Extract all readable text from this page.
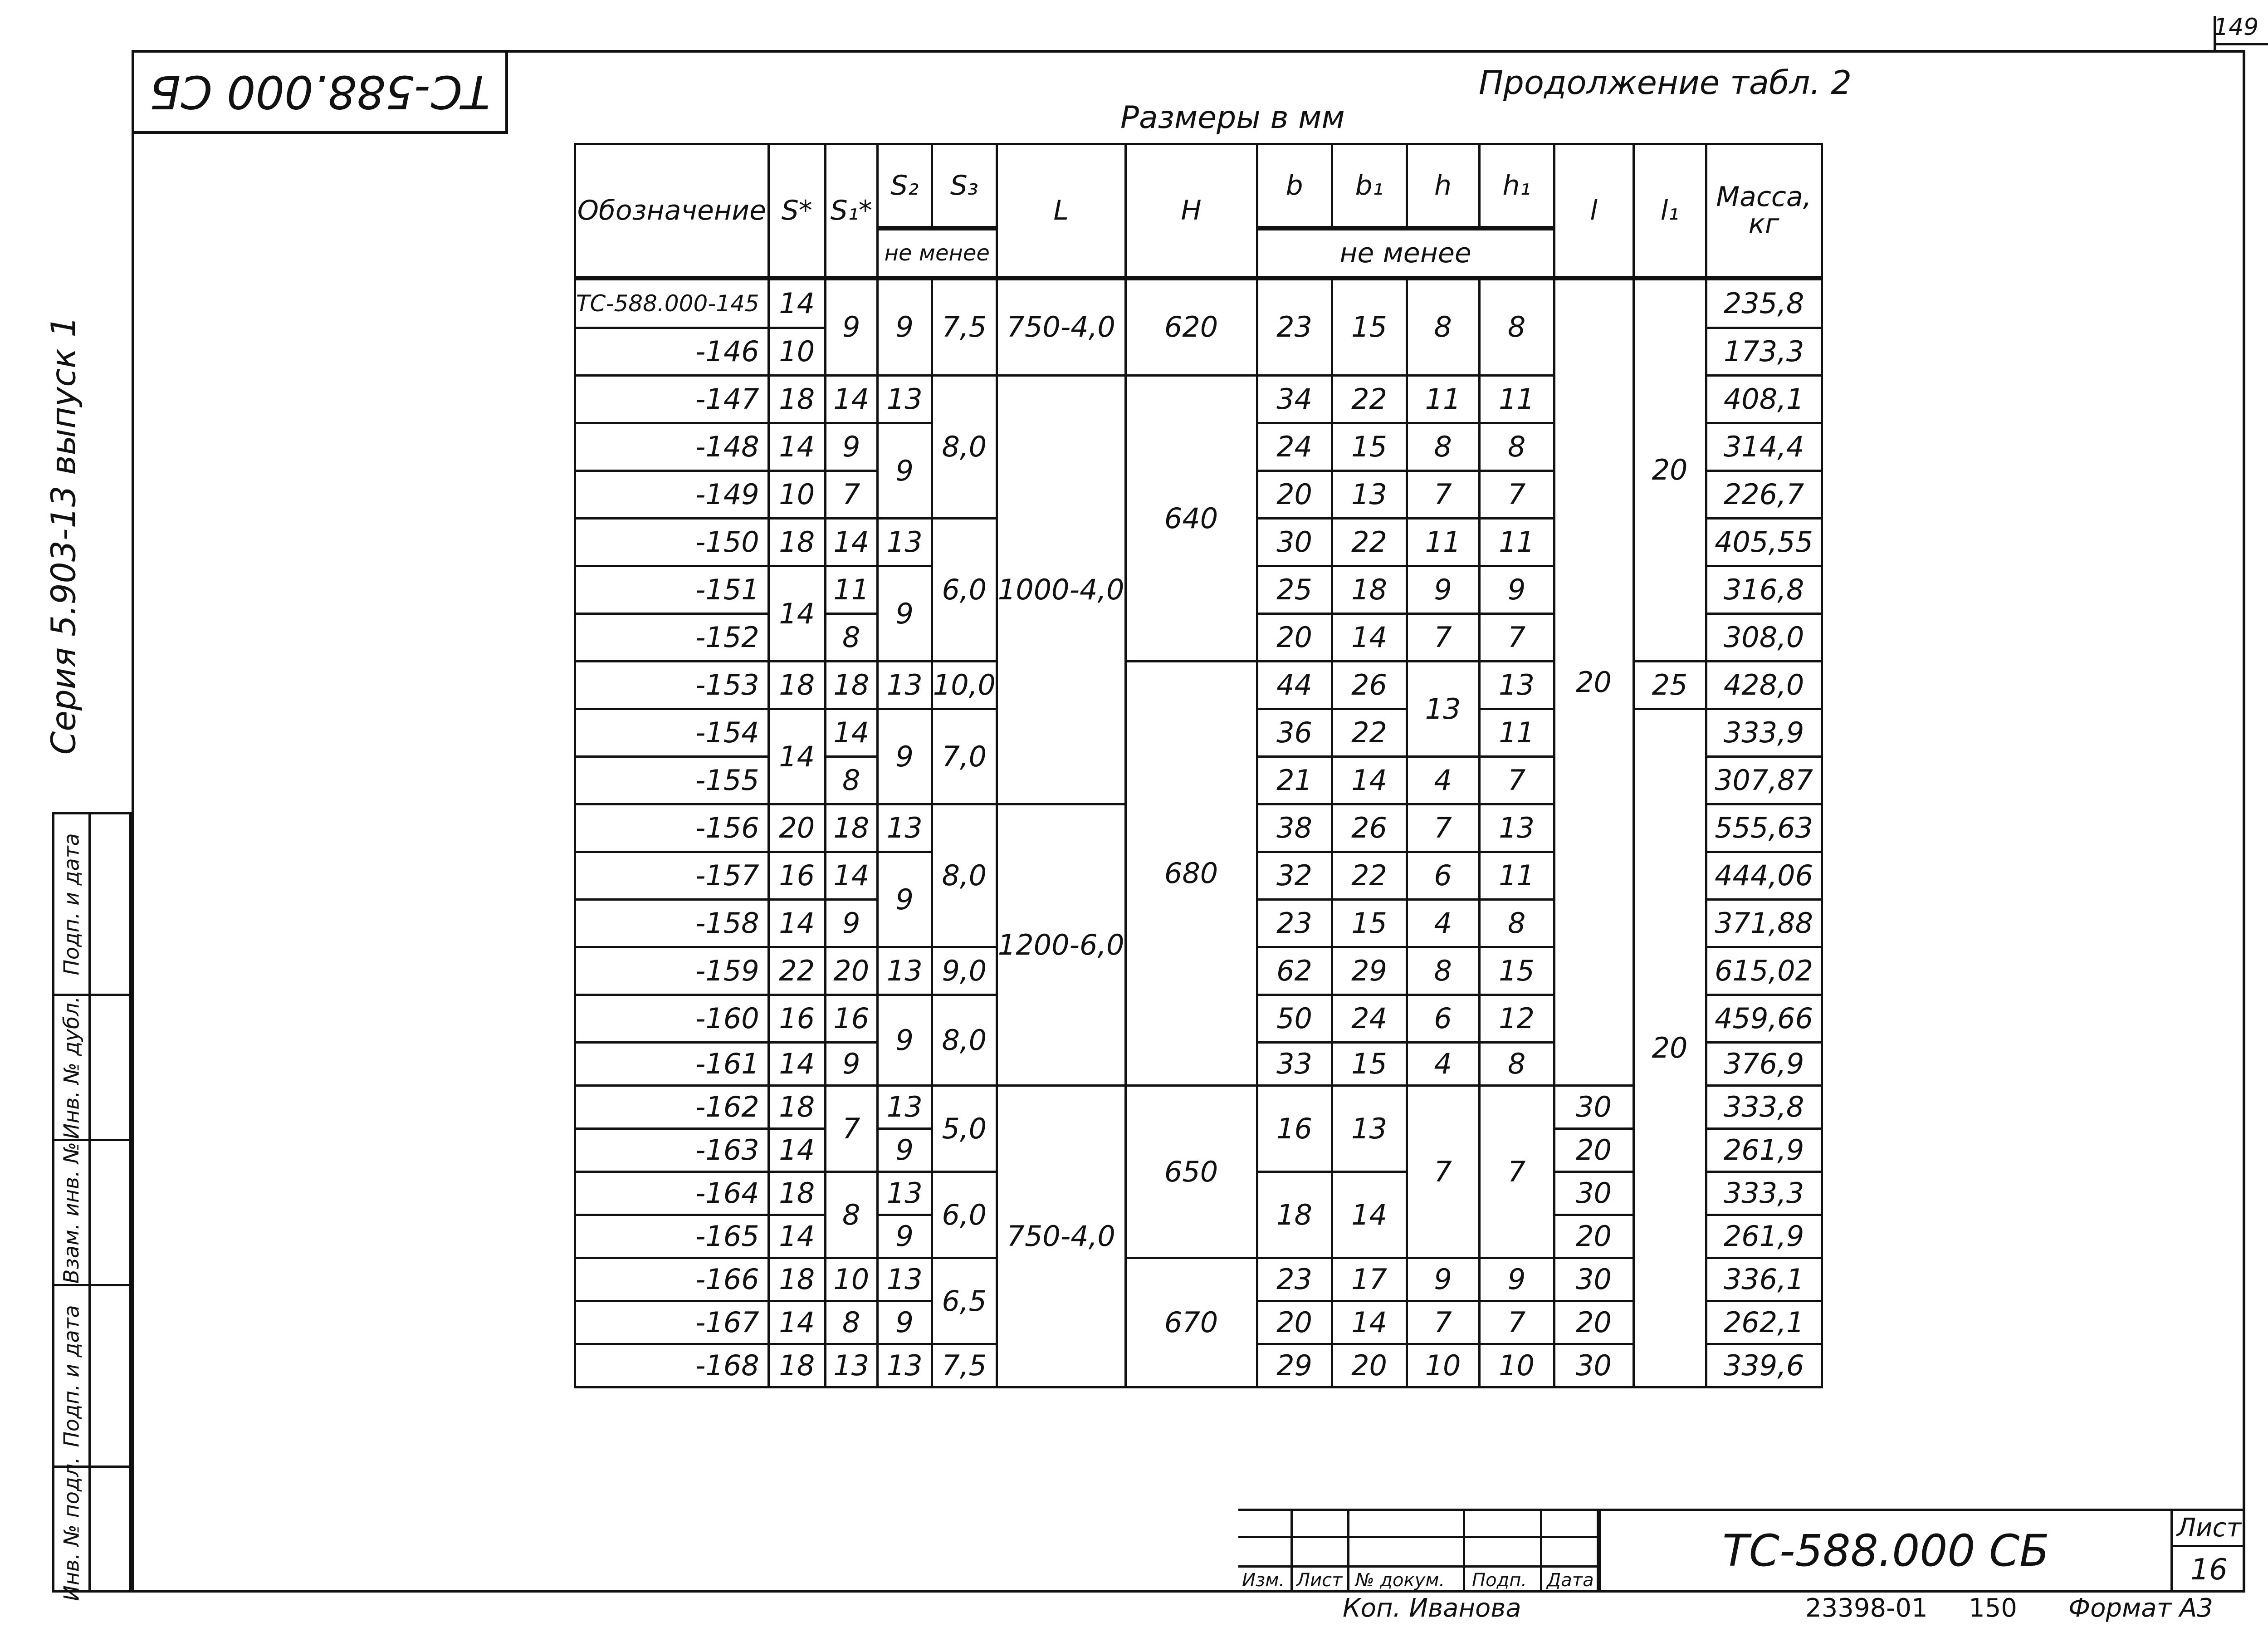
149
ТС-588.000 СБ
Серия 5.903-13 выпуск 1
Подп. и дата
Инв. № дубл.
Взам. инв. №
Подп. и дата
Инв. № подл.
Продолжение табл. 2
Размеры в мм
Обозначение	S*	S₁*	S₂	S₃	L	H	b	b₁	h	h₁	l	l₁	Масса, кг
			не менее				не менее						
ТС-588.000-145	14	9	9	7,5	750-4,0	620	23	15	8	8	20	20	235,8
-146	10												173,3
-147	18	14	13	8,0	1000-4,0	640	34	22	11	11			408,1
-148	14	9	9				24	15	8	8			314,4
-149	10	7					20	13	7	7			226,7
-150	18	14	13	6,0			30	22	11	11			405,55
-151	14	11	9				25	18	9	9			316,8
-152		8					20	14	7	7			308,0
-153	18	18	13	10,0		680	44	26	13	13		25	428,0
-154	14	14	9	7,0			36	22		11		20	333,9
-155		8					21	14	4	7			307,87
-156	20	18	13	8,0	1200-6,0		38	26	7	13			555,63
-157	16	14	9				32	22	6	11			444,06
-158	14	9					23	15	4	8			371,88
-159	22	20	13	9,0			62	29	8	15			615,02
-160	16	16	9	8,0			50	24	6	12			459,66
-161	14	9					33	15	4	8			376,9
-162	18	7	13	5,0	750-4,0	650	16	13	7	7	30		333,8
-163	14		9								20		261,9
-164	18	8	13	6,0			18	14			30		333,3
-165	14		9								20		261,9
-166	18	10	13	6,5		670	23	17	9	9	30		336,1
-167	14	8	9				20	14	7	7	20		262,1
-168	18	13	13	7,5			29	20	10	10	30		339,6
Изм. Лист № докум. Подп. Дата
ТС-588.000 СБ	Лист
16
Коп. Иванова	23398-01 150 Формат А3
